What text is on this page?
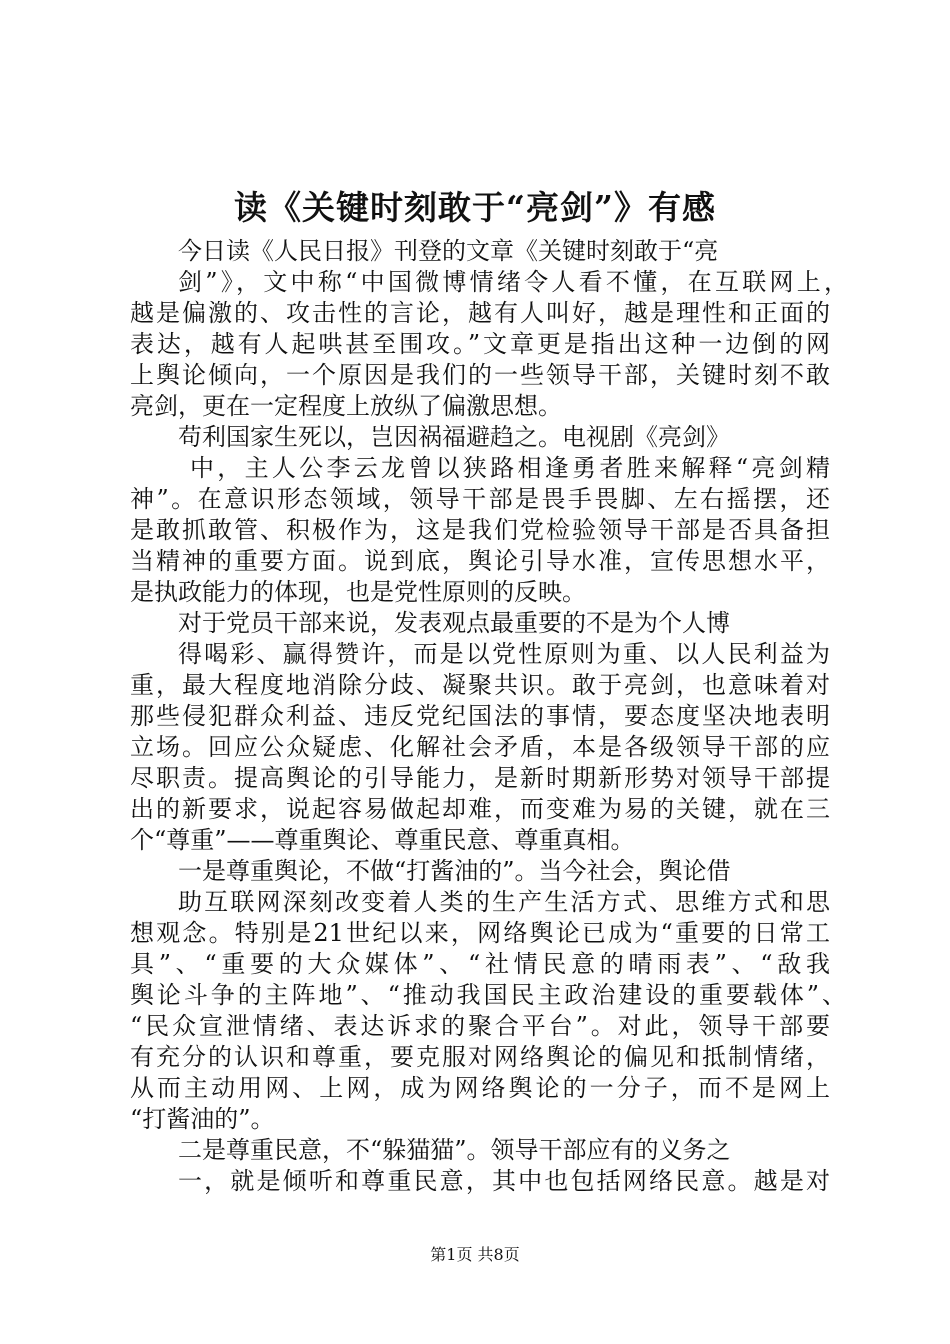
读《关键时刻敢于“亮剑”》有感

今日读《人民日报》刊登的文章《关键时刻敢于“亮

剑”》，文中称“中国微博情绪令人看不懂，在互联网上，

越是偏激的、攻击性的言论，越有人叫好，越是理性和正面的

表达，越有人起哄甚至围攻。”文章更是指出这种一边倒的网

上舆论倾向，一个原因是我们的一些领导干部，关键时刻不敢

亮剑，更在一定程度上放纵了偏激思想。

苟利国家生死以，岂因祸福避趋之。电视剧《亮剑》

中，主人公李云龙曾以狭路相逢勇者胜来解释“亮剑精

神”。在意识形态领域，领导干部是畏手畏脚、左右摇摆，还

是敢抓敢管、积极作为，这是我们党检验领导干部是否具备担

当精神的重要方面。说到底，舆论引导水准，宣传思想水平，

是执政能力的体现，也是党性原则的反映。

对于党员干部来说，发表观点最重要的不是为个人博

得喝彩、赢得赞许，而是以党性原则为重、以人民利益为

重，最大程度地消除分歧、凝聚共识。敢于亮剑，也意味着对

那些侵犯群众利益、违反党纪国法的事情，要态度坚决地表明

立场。回应公众疑虑、化解社会矛盾，本是各级领导干部的应

尽职责。提高舆论的引导能力，是新时期新形势对领导干部提

出的新要求，说起容易做起却难，而变难为易的关键，就在三

个“尊重”——尊重舆论、尊重民意、尊重真相。

一是尊重舆论，不做“打酱油的”。当今社会，舆论借

助互联网深刻改变着人类的生产生活方式、思维方式和思

想观念。特别是21世纪以来，网络舆论已成为“重要的日常工

具”、“重要的大众媒体”、“社情民意的晴雨表”、“敌我

舆论斗争的主阵地”、“推动我国民主政治建设的重要载体”、

“民众宣泄情绪、表达诉求的聚合平台”。对此，领导干部要

有充分的认识和尊重，要克服对网络舆论的偏见和抵制情绪，

从而主动用网、上网，成为网络舆论的一分子，而不是网上

“打酱油的”。

二是尊重民意，不“躲猫猫”。领导干部应有的义务之

一，就是倾听和尊重民意，其中也包括网络民意。越是对

第1页 共8页
